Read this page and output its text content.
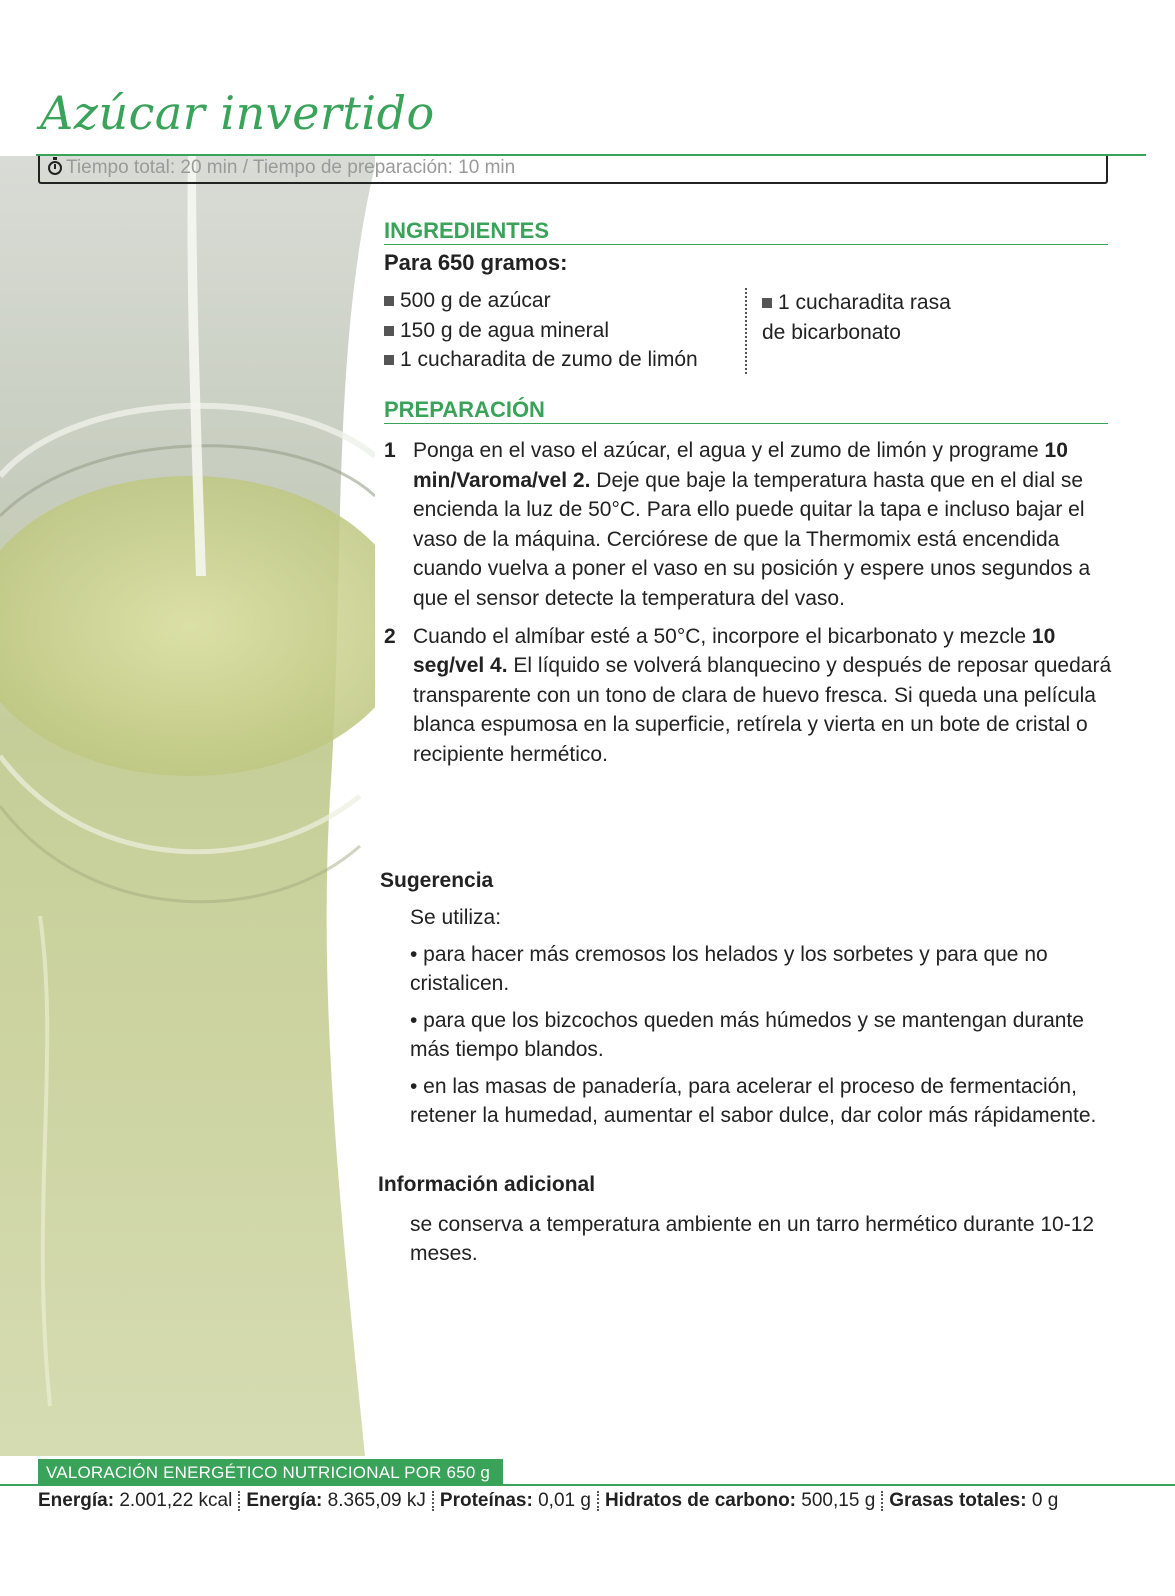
Azúcar invertido
Tiempo total: 20 min / Tiempo de preparación: 10 min
INGREDIENTES
Para 650 gramos:
500 g de azúcar
150 g de agua mineral
1 cucharadita de zumo de limón
1 cucharadita rasa
de bicarbonato
PREPARACIÓN
1 Ponga en el vaso el azúcar, el agua y el zumo de limón y programe 10 min/Varoma/vel 2. Deje que baje la temperatura hasta que en el dial se encienda la luz de 50°C. Para ello puede quitar la tapa e incluso bajar el vaso de la máquina. Cerciórese de que la Thermomix está encendida cuando vuelva a poner el vaso en su posición y espere unos segundos a que el sensor detecte la temperatura del vaso.
2 Cuando el almíbar esté a 50°C, incorpore el bicarbonato y mezcle 10 seg/vel 4. El líquido se volverá blanquecino y después de reposar quedará transparente con un tono de clara de huevo fresca. Si queda una película blanca espumosa en la superficie, retírela y vierta en un bote de cristal o recipiente hermético.
Sugerencia

Se utiliza:

• para hacer más cremosos los helados y los sorbetes y para que no cristalicen.

• para que los bizcochos queden más húmedos y se mantengan durante más tiempo blandos.

• en las masas de panadería, para acelerar el proceso de fermentación, retener la humedad, aumentar el sabor dulce, dar color más rápidamente.

Información adicional
se conserva a temperatura ambiente en un tarro hermético durante 10-12 meses.
VALORACIÓN ENERGÉTICO NUTRICIONAL POR 650 g
Energía: 2.001,22 kcal Energía: 8.365,09 kJ Proteínas: 0,01 g Hidratos de carbono: 500,15 g Grasas totales: 0 g
